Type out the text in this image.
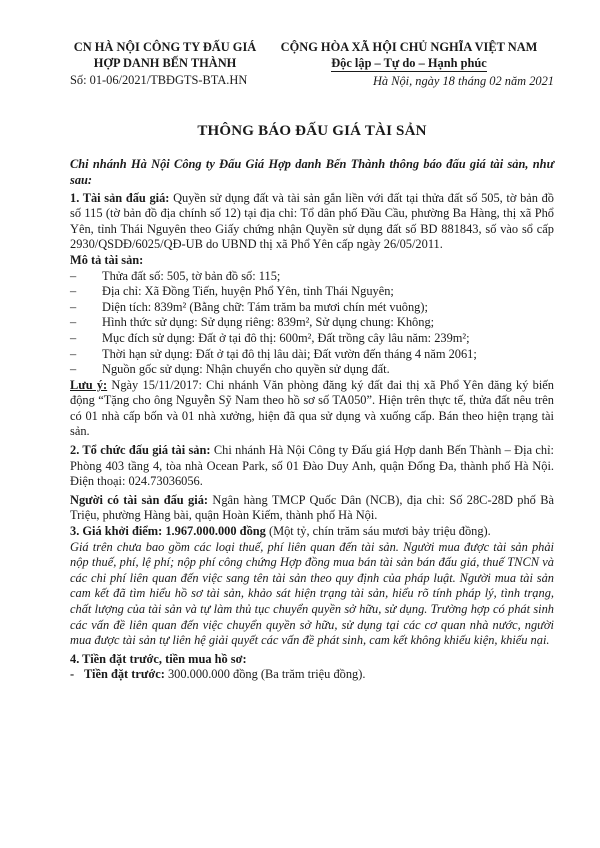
CN HÀ NỘI CÔNG TY ĐẤU GIÁ
HỢP DANH BẾN THÀNH
Số: 01-06/2021/TBĐGTS-BTA.HN
CỘNG HÒA XÃ HỘI CHỦ NGHĨA VIỆT NAM
Độc lập – Tự do – Hạnh phúc
Hà Nội, ngày 18 tháng 02 năm 2021
THÔNG BÁO ĐẤU GIÁ TÀI SẢN

Chi nhánh Hà Nội Công ty Đấu Giá Hợp danh Bến Thành thông báo đấu giá tài sản, như sau:

1. Tài sản đấu giá: Quyền sử dụng đất và tài sản gắn liền với đất tại thửa đất số 505, tờ bản đồ số 115 (tờ bản đồ địa chính số 12) tại địa chỉ: Tổ dân phố Đầu Cầu, phường Ba Hàng, thị xã Phổ Yên, tỉnh Thái Nguyên theo Giấy chứng nhận Quyền sử dụng đất số BD 881843, số vào sổ cấp 2930/QSDĐ/6025/QĐ-UB do UBND thị xã Phổ Yên cấp ngày 26/05/2011.

Mô tả tài sản:

– Thửa đất số: 505, tờ bản đồ số: 115;
– Địa chỉ: Xã Đồng Tiến, huyện Phổ Yên, tỉnh Thái Nguyên;
– Diện tích: 839m² (Bằng chữ: Tám trăm ba mươi chín mét vuông);
– Hình thức sử dụng: Sử dụng riêng: 839m², Sử dụng chung: Không;
– Mục đích sử dụng: Đất ở tại đô thị: 600m², Đất trồng cây lâu năm: 239m²;
– Thời hạn sử dụng: Đất ở tại đô thị lâu dài; Đất vườn đến tháng 4 năm 2061;
– Nguồn gốc sử dụng: Nhận chuyển cho quyền sử dụng đất.

Lưu ý: Ngày 15/11/2017: Chi nhánh Văn phòng đăng ký đất đai thị xã Phổ Yên đăng ký biến động “Tặng cho ông Nguyễn Sỹ Nam theo hồ sơ số TA050”. Hiện trên thực tế, thửa đất nêu trên có 01 nhà cấp bốn và 01 nhà xưởng, hiện đã qua sử dụng và xuống cấp. Bán theo hiện trạng tài sản.

2. Tổ chức đấu giá tài sản: Chi nhánh Hà Nội Công ty Đấu giá Hợp danh Bến Thành – Địa chỉ: Phòng 403 tầng 4, tòa nhà Ocean Park, số 01 Đào Duy Anh, quận Đống Đa, thành phố Hà Nội. Điện thoại: 024.73036056.

Người có tài sản đấu giá: Ngân hàng TMCP Quốc Dân (NCB), địa chỉ: Số 28C-28D phố Bà Triệu, phường Hàng bài, quận Hoàn Kiếm, thành phố Hà Nội.

3. Giá khởi điểm: 1.967.000.000 đồng (Một tỷ, chín trăm sáu mươi bảy triệu đồng).

Giá trên chưa bao gồm các loại thuế, phí liên quan đến tài sản. Người mua được tài sản phải nộp thuế, phí, lệ phí; nộp phí công chứng Hợp đồng mua bán tài sản bán đấu giá, thuế TNCN và các chi phí liên quan đến việc sang tên tài sản theo quy định của pháp luật. Người mua tài sản cam kết đã tìm hiểu hồ sơ tài sản, khảo sát hiện trạng tài sản, hiểu rõ tính pháp lý, tình trạng, chất lượng của tài sản và tự làm thủ tục chuyển quyền sở hữu, sử dụng. Trường hợp có phát sinh các vấn đề liên quan đến việc chuyển quyền sở hữu, sử dụng tại các cơ quan nhà nước, người mua được tài sản tự liên hệ giải quyết các vấn đề phát sinh, cam kết không khiếu kiện, khiếu nại.

4. Tiền đặt trước, tiền mua hồ sơ:

- Tiền đặt trước: 300.000.000 đồng (Ba trăm triệu đồng).
